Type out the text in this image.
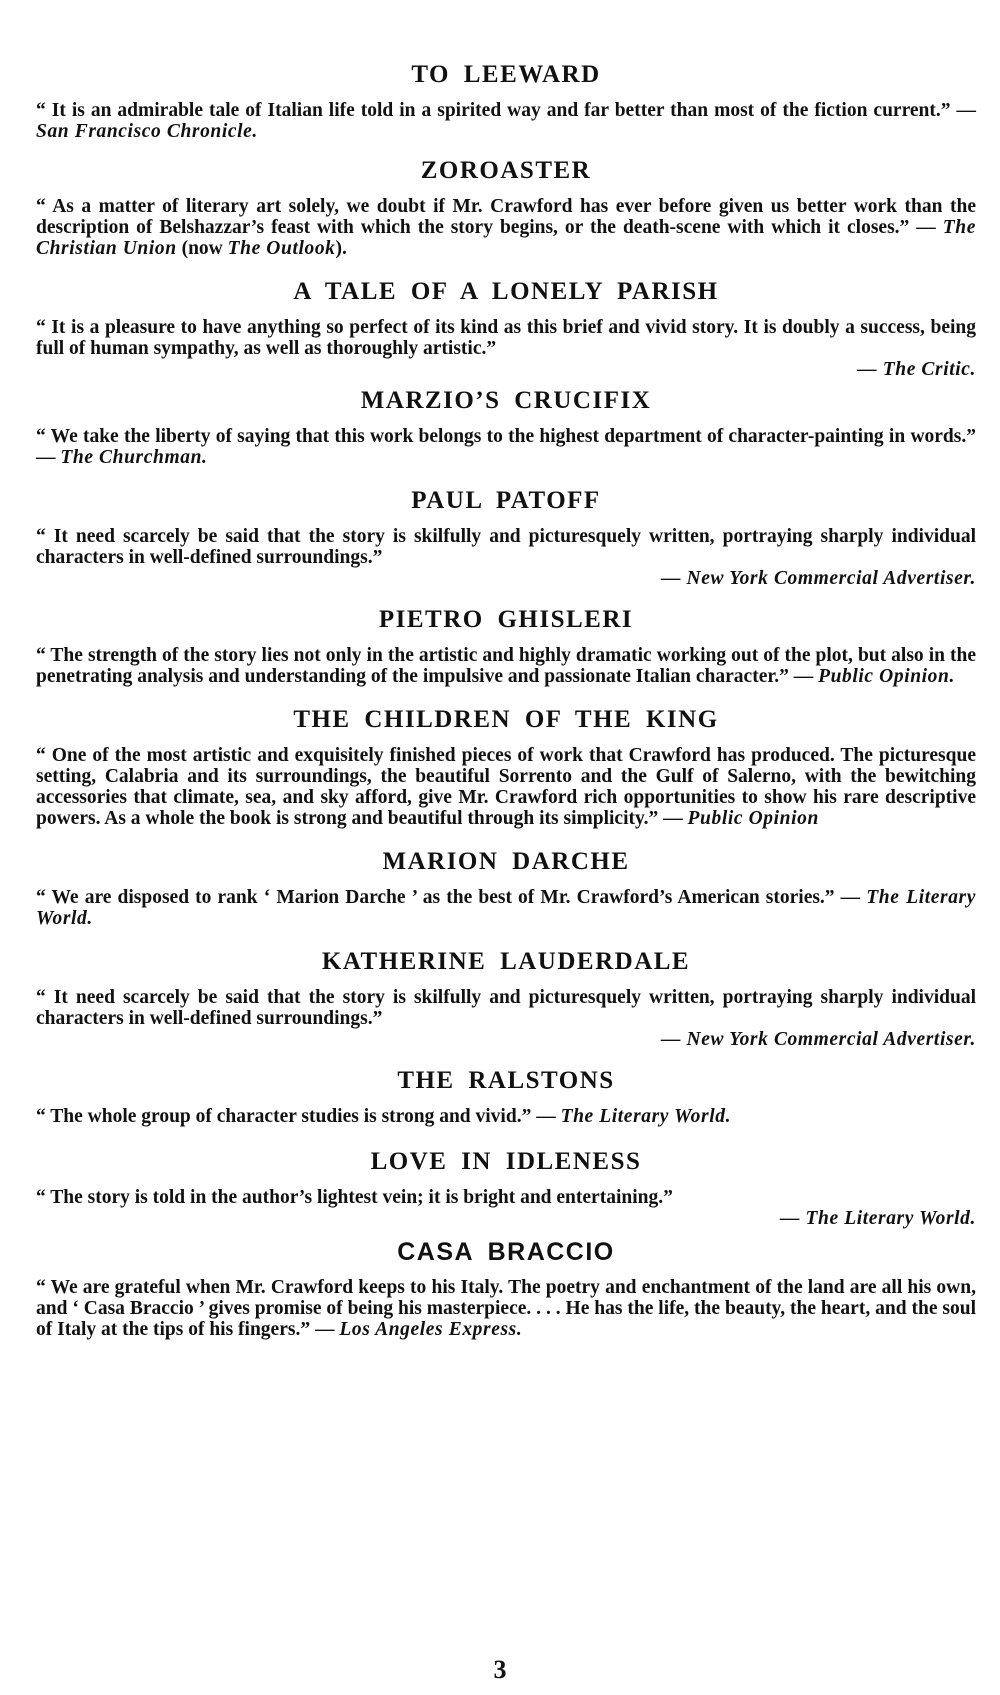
TO LEEWARD

“ It is an admirable tale of Italian life told in a spirited way and far better than most of the fiction current.” — San Francisco Chronicle.

ZOROASTER

“ As a matter of literary art solely, we doubt if Mr. Crawford has ever before given us better work than the description of Belshazzar’s feast with which the story begins, or the death-scene with which it closes.” — The Christian Union (now The Outlook).

A TALE OF A LONELY PARISH

“ It is a pleasure to have anything so perfect of its kind as this brief and vivid story. It is doubly a success, being full of human sympathy, as well as thoroughly artistic.”

— The Critic.

MARZIO’S CRUCIFIX

“ We take the liberty of saying that this work belongs to the highest department of character-painting in words.” — The Churchman.

PAUL PATOFF

“ It need scarcely be said that the story is skilfully and picturesquely written, portraying sharply individual characters in well-defined surroundings.”

— New York Commercial Advertiser.

PIETRO GHISLERI

“ The strength of the story lies not only in the artistic and highly dramatic working out of the plot, but also in the penetrating analysis and understanding of the impulsive and passionate Italian character.” — Public Opinion.

THE CHILDREN OF THE KING

“ One of the most artistic and exquisitely finished pieces of work that Crawford has produced. The picturesque setting, Calabria and its surroundings, the beautiful Sorrento and the Gulf of Salerno, with the bewitching accessories that climate, sea, and sky afford, give Mr. Crawford rich opportunities to show his rare descriptive powers. As a whole the book is strong and beautiful through its simplicity.” — Public Opinion

MARION DARCHE

“ We are disposed to rank ‘ Marion Darche ’ as the best of Mr. Crawford’s American stories.” — The Literary World.

KATHERINE LAUDERDALE

“ It need scarcely be said that the story is skilfully and picturesquely written, portraying sharply individual characters in well-defined surroundings.”

— New York Commercial Advertiser.

THE RALSTONS

“ The whole group of character studies is strong and vivid.” — The Literary World.

LOVE IN IDLENESS

“ The story is told in the author’s lightest vein; it is bright and entertaining.”

— The Literary World.

CASA BRACCIO

“ We are grateful when Mr. Crawford keeps to his Italy. The poetry and enchantment of the land are all his own, and ‘ Casa Braccio ’ gives promise of being his masterpiece. . . . He has the life, the beauty, the heart, and the soul of Italy at the tips of his fingers.” — Los Angeles Express.

3
